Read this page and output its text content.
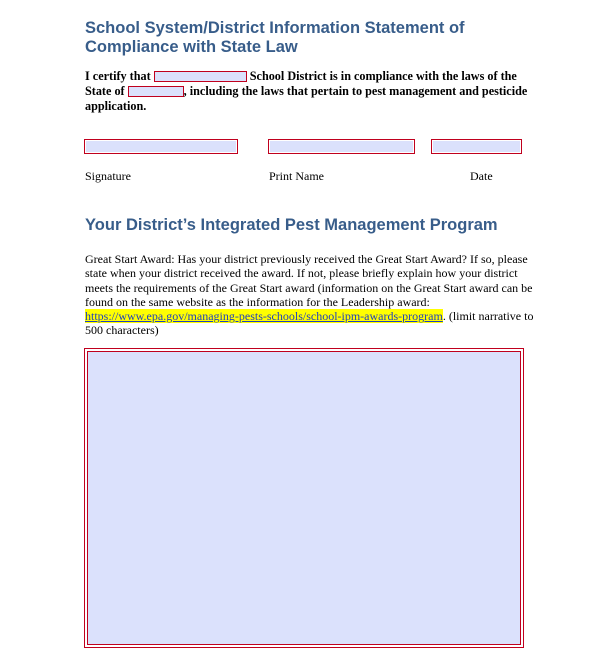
School System/District Information Statement of Compliance with State Law
I certify that	School District is in compliance with the laws of the State of	, including the laws that pertain to pest management and pesticide application.
Signature	Print Name	Date
Your District’s Integrated Pest Management Program
Great Start Award: Has your district previously received the Great Start Award? If so, please state when your district received the award. If not, please briefly explain how your district meets the requirements of the Great Start award (information on the Great Start award can be found on the same website as the information for the Leadership award: https://www.epa.gov/managing-pests-schools/school-ipm-awards-program. (limit narrative to 500 characters)
